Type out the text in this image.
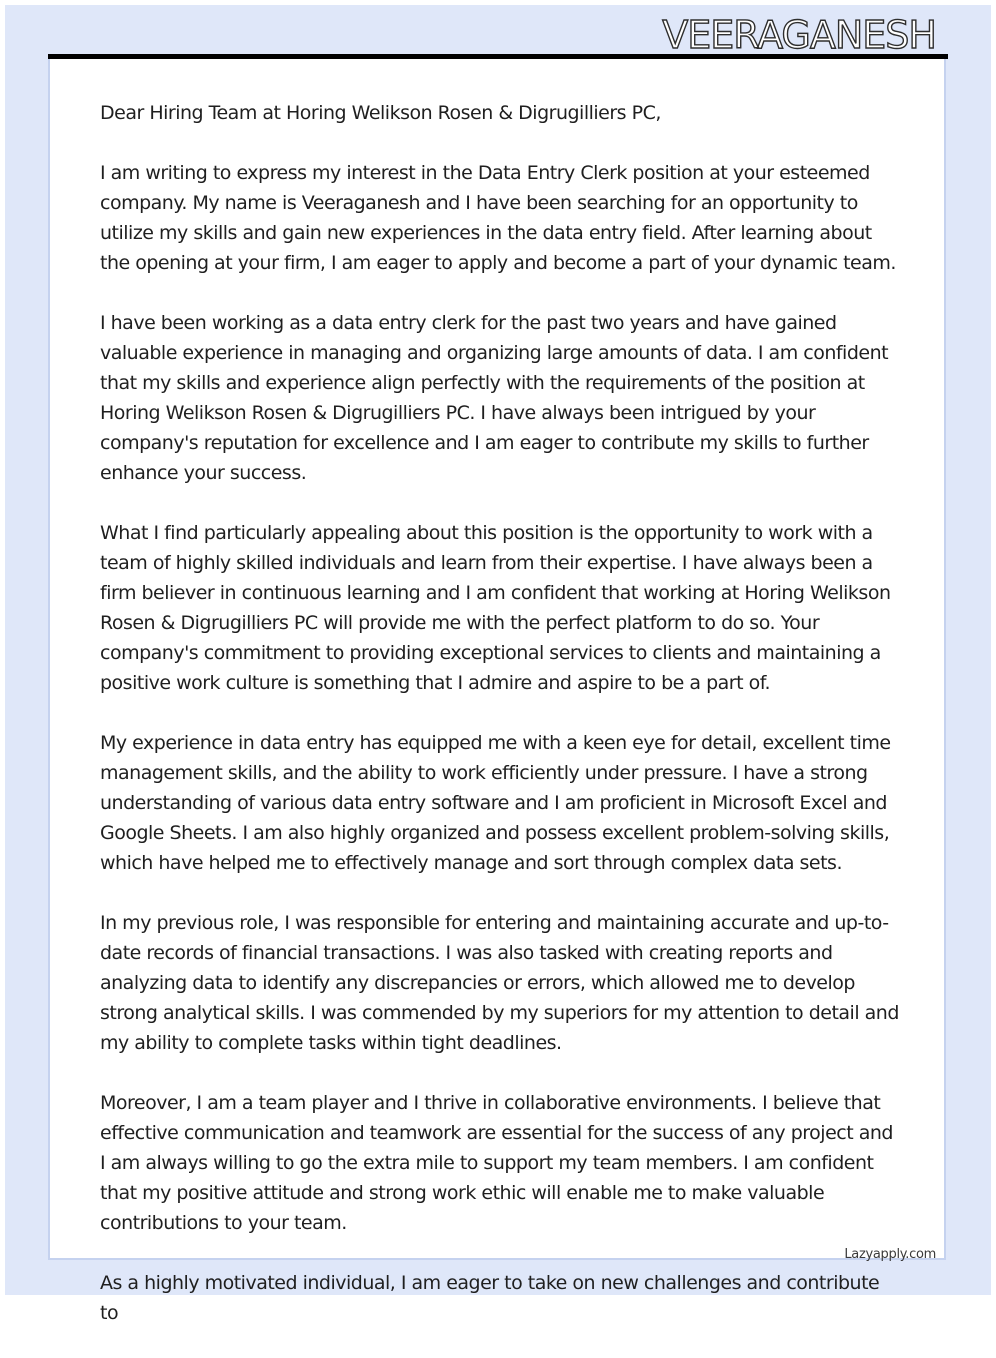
VEERAGANESH

Dear Hiring Team at Horing Welikson Rosen & Digrugilliers PC,

I am writing to express my interest in the Data Entry Clerk position at your esteemed company. My name is Veeraganesh and I have been searching for an opportunity to utilize my skills and gain new experiences in the data entry field. After learning about the opening at your firm, I am eager to apply and become a part of your dynamic team.

I have been working as a data entry clerk for the past two years and have gained valuable experience in managing and organizing large amounts of data. I am confident that my skills and experience align perfectly with the requirements of the position at Horing Welikson Rosen & Digrugilliers PC. I have always been intrigued by your company's reputation for excellence and I am eager to contribute my skills to further enhance your success.

What I find particularly appealing about this position is the opportunity to work with a team of highly skilled individuals and learn from their expertise. I have always been a firm believer in continuous learning and I am confident that working at Horing Welikson Rosen & Digrugilliers PC will provide me with the perfect platform to do so. Your company's commitment to providing exceptional services to clients and maintaining a positive work culture is something that I admire and aspire to be a part of.

My experience in data entry has equipped me with a keen eye for detail, excellent time management skills, and the ability to work efficiently under pressure. I have a strong understanding of various data entry software and I am proficient in Microsoft Excel and Google Sheets. I am also highly organized and possess excellent problem-solving skills, which have helped me to effectively manage and sort through complex data sets.

In my previous role, I was responsible for entering and maintaining accurate and up-to-date records of financial transactions. I was also tasked with creating reports and analyzing data to identify any discrepancies or errors, which allowed me to develop strong analytical skills. I was commended by my superiors for my attention to detail and my ability to complete tasks within tight deadlines.

Moreover, I am a team player and I thrive in collaborative environments. I believe that effective communication and teamwork are essential for the success of any project and I am always willing to go the extra mile to support my team members. I am confident that my positive attitude and strong work ethic will enable me to make valuable contributions to your team.

As a highly motivated individual, I am eager to take on new challenges and contribute to

Lazyapply.com
